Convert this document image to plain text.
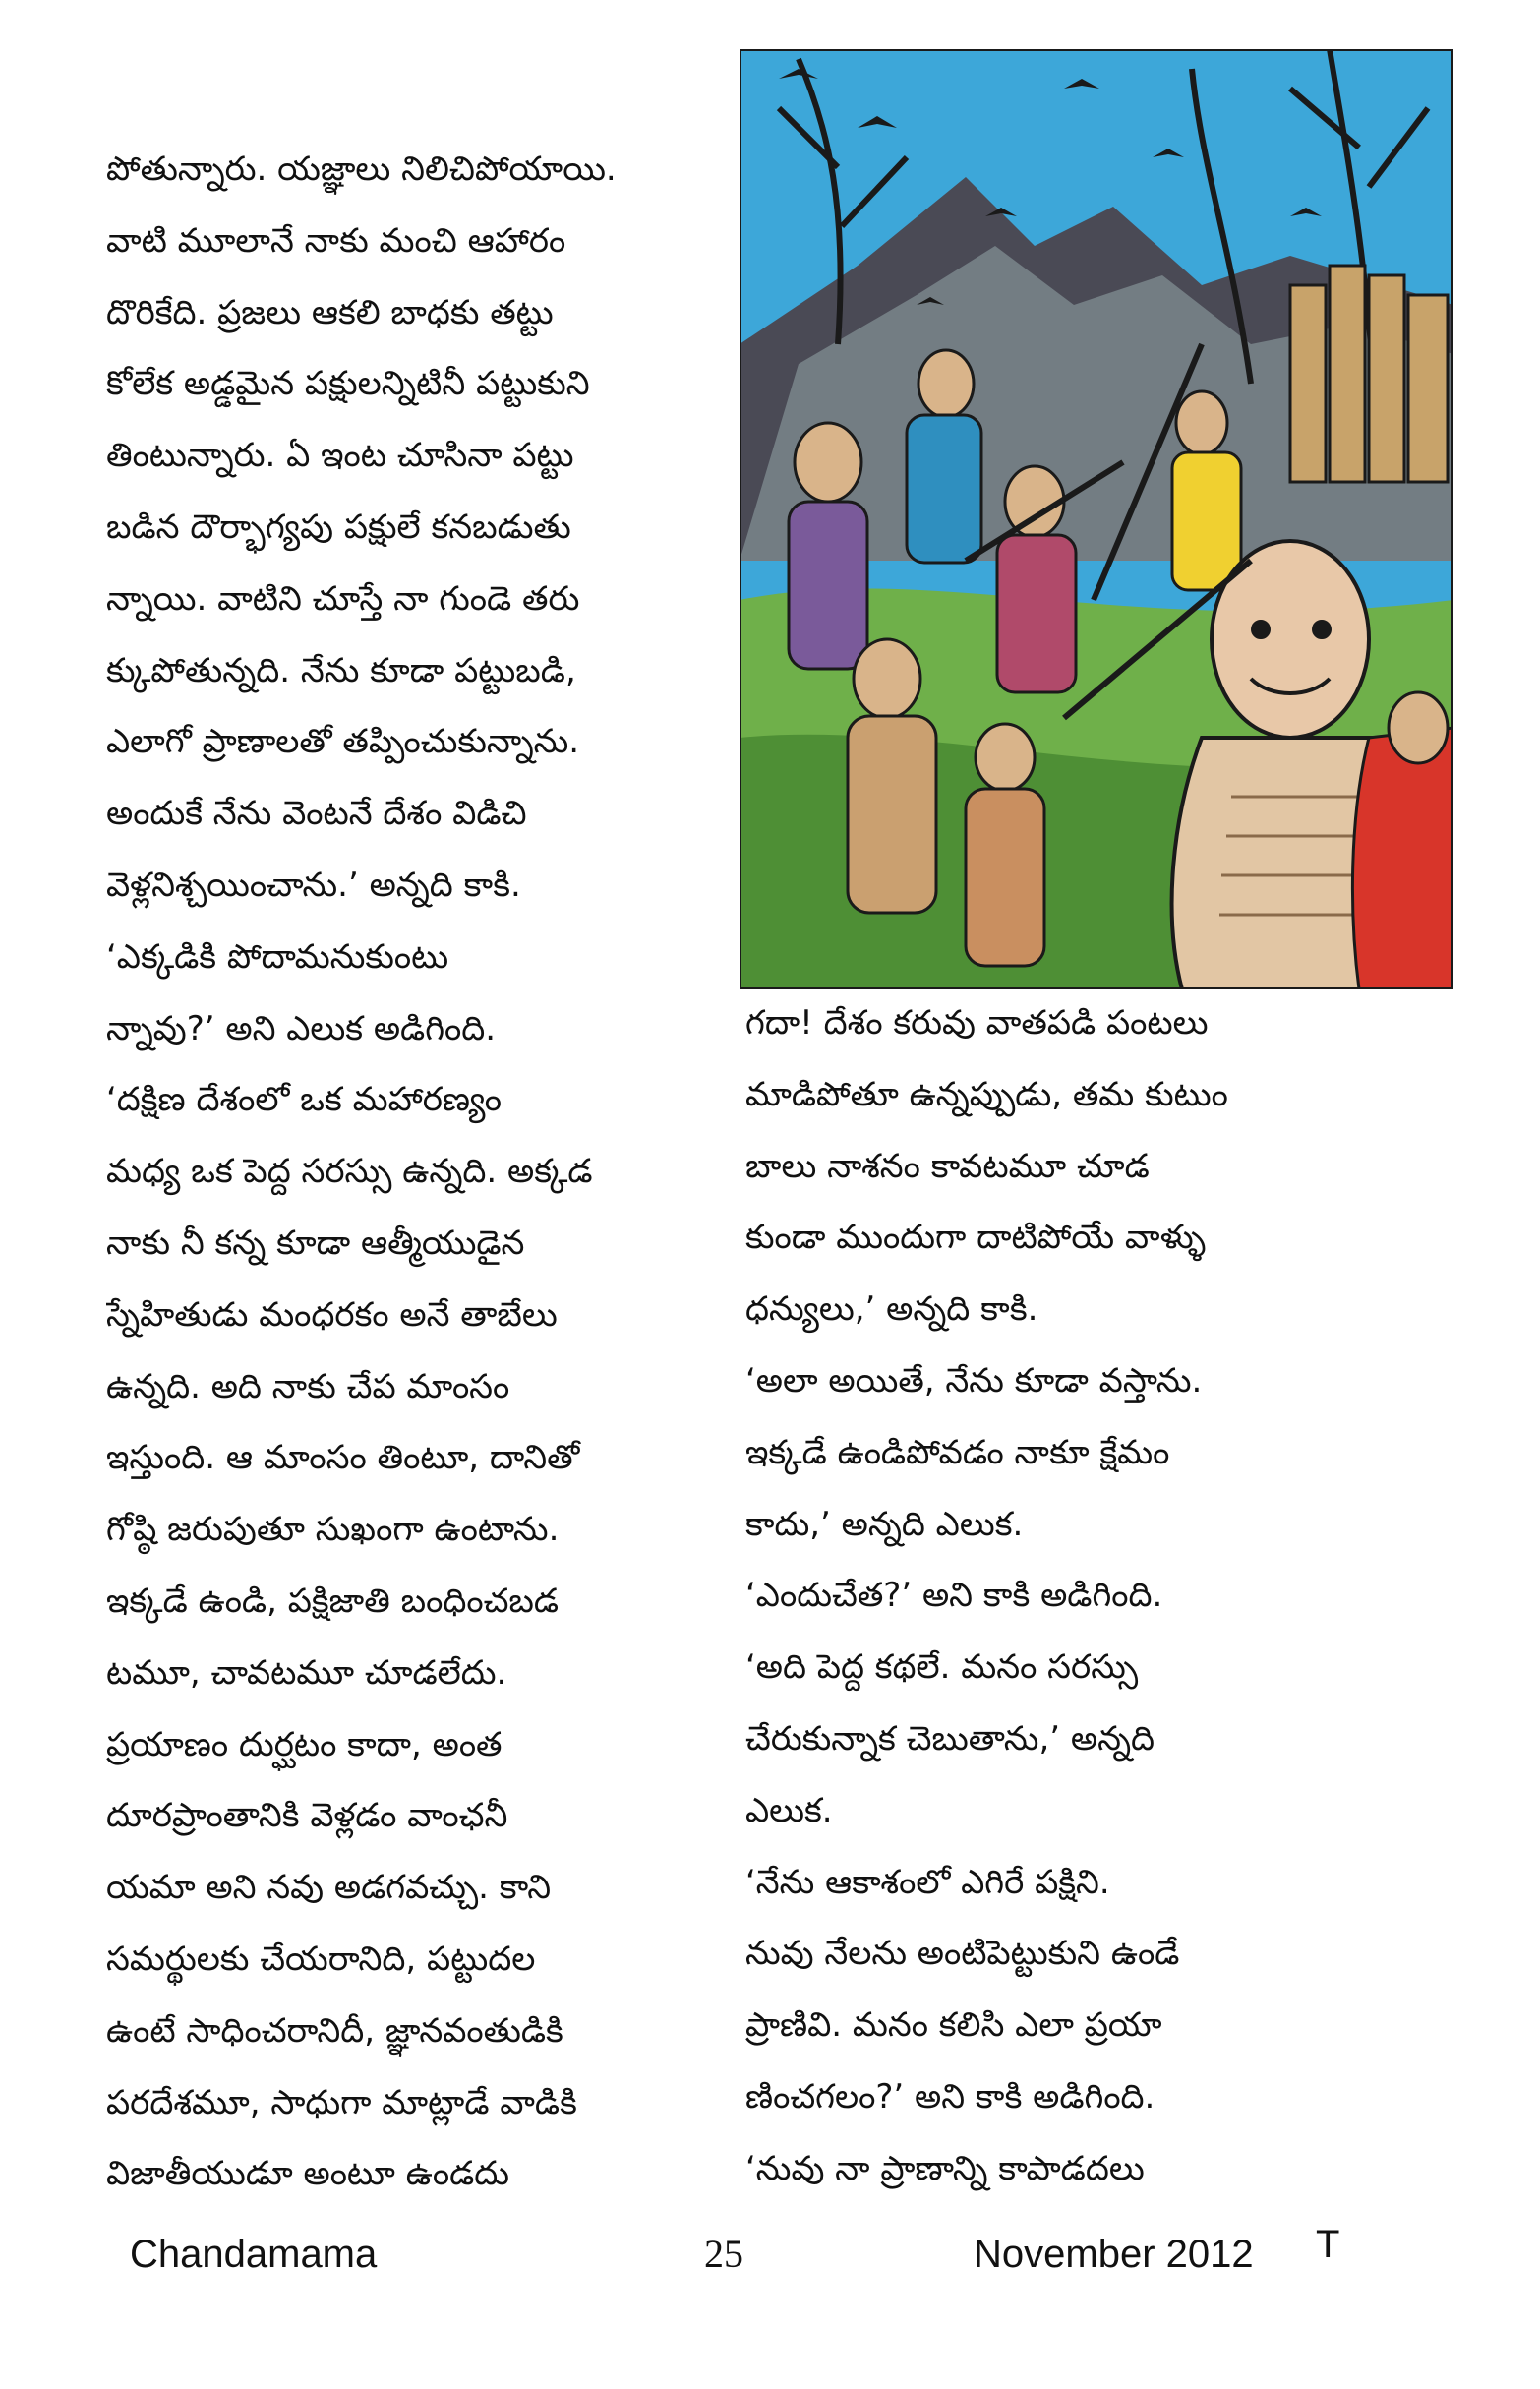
పోతున్నారు. యజ్ఞాలు నిలిచిపోయాయి.
వాటి మూలానే నాకు మంచి ఆహారం
దొరికేది. ప్రజలు ఆకలి బాధకు తట్టు
కోలేక అడ్డమైన పక్షులన్నిటినీ పట్టుకుని
తింటున్నారు. ఏ ఇంట చూసినా పట్టు
బడిన దౌర్భాగ్యపు పక్షులే కనబడుతు
న్నాయి. వాటిని చూస్తే నా గుండె తరు
క్కుపోతున్నది. నేను కూడా పట్టుబడి,
ఎలాగో ప్రాణాలతో తప్పించుకున్నాను.
అందుకే నేను వెంటనే దేశం విడిచి
వెళ్లనిశ్చయించాను.’ అన్నది కాకి.
‘ఎక్కడికి పోదామనుకుంటు
న్నావు?’ అని ఎలుక అడిగింది.
‘దక్షిణ దేశంలో ఒక మహారణ్యం
మధ్య ఒక పెద్ద సరస్సు ఉన్నది. అక్కడ
నాకు నీ కన్న కూడా ఆత్మీయుడైన
స్నేహితుడు మంధరకం అనే తాబేలు
ఉన్నది. అది నాకు చేప మాంసం
ఇస్తుంది. ఆ మాంసం తింటూ, దానితో
గోష్ఠి జరుపుతూ సుఖంగా ఉంటాను.
ఇక్కడే ఉండి, పక్షిజాతి బంధించబడ
టమూ, చావటమూ చూడలేదు.
ప్రయాణం దుర్ఘటం కాదా, అంత
దూరప్రాంతానికి వెళ్లడం వాంఛనీ
యమా అని నవు అడగవచ్చు. కాని
సమర్థులకు చేయరానిది, పట్టుదల
ఉంటే సాధించరానిదీ, జ్ఞానవంతుడికి
పరదేశమూ, సాధుగా మాట్లాడే వాడికి
విజాతీయుడూ అంటూ ఉండదు
గదా! దేశం కరువు వాతపడి పంటలు
మాడిపోతూ ఉన్నప్పుడు, తమ కుటుం
బాలు నాశనం కావటమూ చూడ
కుండా ముందుగా దాటిపోయే వాళ్ళు
ధన్యులు,’ అన్నది కాకి.
‘అలా అయితే, నేను కూడా వస్తాను.
ఇక్కడే ఉండిపోవడం నాకూ క్షేమం
కాదు,’ అన్నది ఎలుక.
‘ఎందుచేత?’ అని కాకి అడిగింది.
‘అది పెద్ద కథలే. మనం సరస్సు
చేరుకున్నాక చెబుతాను,’ అన్నది
ఎలుక.
‘నేను ఆకాశంలో ఎగిరే పక్షిని.
నువు నేలను అంటిపెట్టుకుని ఉండే
ప్రాణివి. మనం కలిసి ఎలా ప్రయా
ణించగలం?’ అని కాకి అడిగింది.
‘నువు నా ప్రాణాన్ని కాపాడదలు
Chandamama	25	November 2012 T
